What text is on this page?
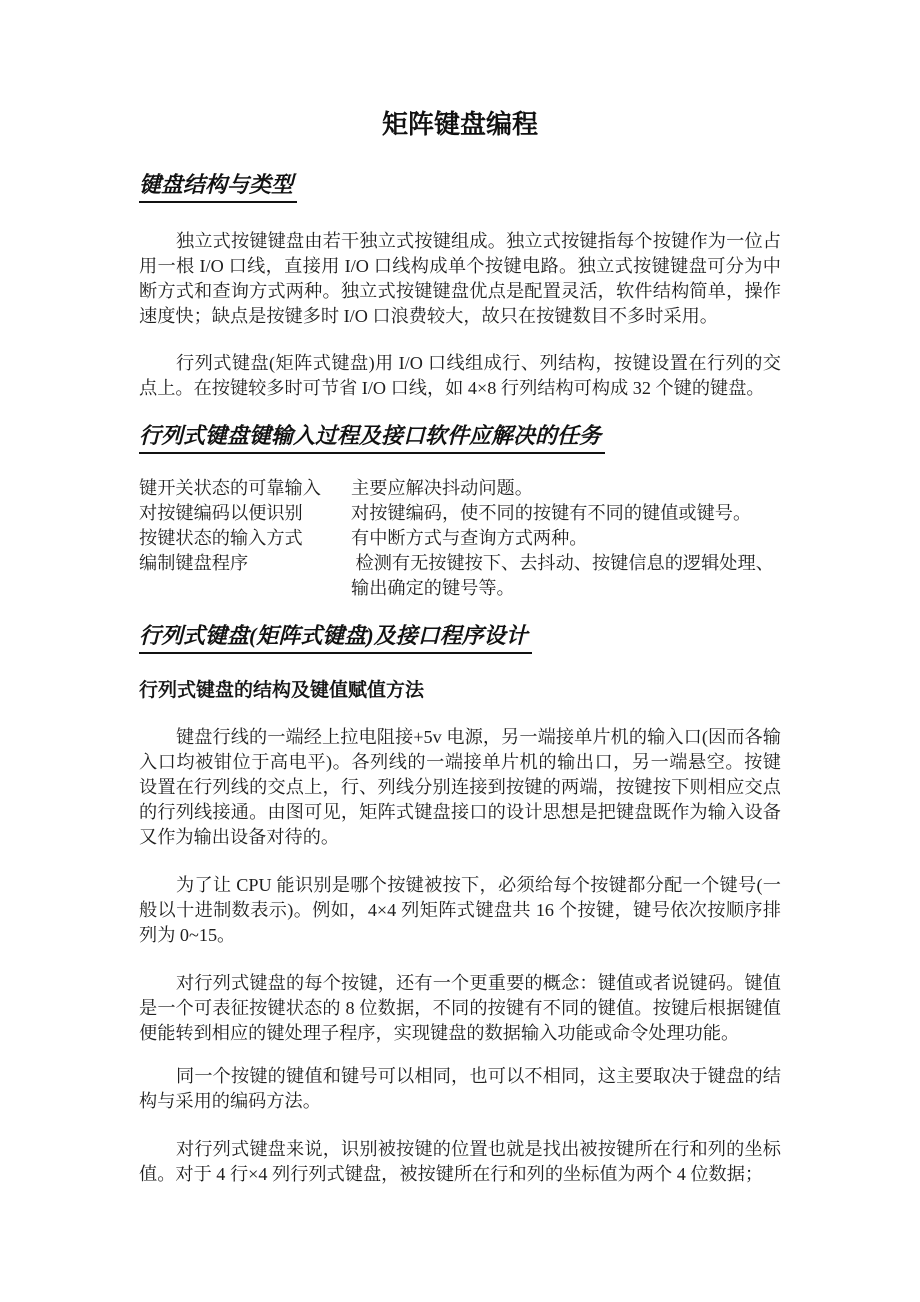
矩阵键盘编程
键盘结构与类型

独立式按键键盘由若干独立式按键组成。独立式按键指每个按键作为一位占用一根 I/O 口线，直接用 I/O 口线构成单个按键电路。独立式按键键盘可分为中断方式和查询方式两种。独立式按键键盘优点是配置灵活，软件结构简单，操作速度快；缺点是按键多时 I/O 口浪费较大，故只在按键数目不多时采用。

行列式键盘(矩阵式键盘)用 I/O 口线组成行、列结构，按键设置在行列的交点上。在按键较多时可节省 I/O 口线，如 4×8 行列结构可构成 32 个键的键盘。

行列式键盘键输入过程及接口软件应解决的任务
键开关状态的可靠输入	主要应解决抖动问题。
对按键编码以便识别	对按键编码，使不同的按键有不同的键值或键号。
按键状态的输入方式	有中断方式与查询方式两种。
编制键盘程序	检测有无按键按下、去抖动、按键信息的逻辑处理、输出确定的键号等。
行列式键盘(矩阵式键盘)及接口程序设计
行列式键盘的结构及键值赋值方法

键盘行线的一端经上拉电阻接+5v 电源，另一端接单片机的输入口(因而各输入口均被钳位于高电平)。各列线的一端接单片机的输出口，另一端悬空。按键设置在行列线的交点上，行、列线分别连接到按键的两端，按键按下则相应交点的行列线接通。由图可见，矩阵式键盘接口的设计思想是把键盘既作为输入设备又作为输出设备对待的。

为了让 CPU 能识别是哪个按键被按下，必须给每个按键都分配一个键号(一般以十进制数表示)。例如，4×4 列矩阵式键盘共 16 个按键，键号依次按顺序排列为 0~15。

对行列式键盘的每个按键，还有一个更重要的概念：键值或者说键码。键值是一个可表征按键状态的 8 位数据，不同的按键有不同的键值。按键后根据键值便能转到相应的键处理子程序，实现键盘的数据输入功能或命令处理功能。

同一个按键的键值和键号可以相同，也可以不相同，这主要取决于键盘的结构与采用的编码方法。

对行列式键盘来说，识别被按键的位置也就是找出被按键所在行和列的坐标值。对于 4 行×4 列行列式键盘，被按键所在行和列的坐标值为两个 4 位数据；
